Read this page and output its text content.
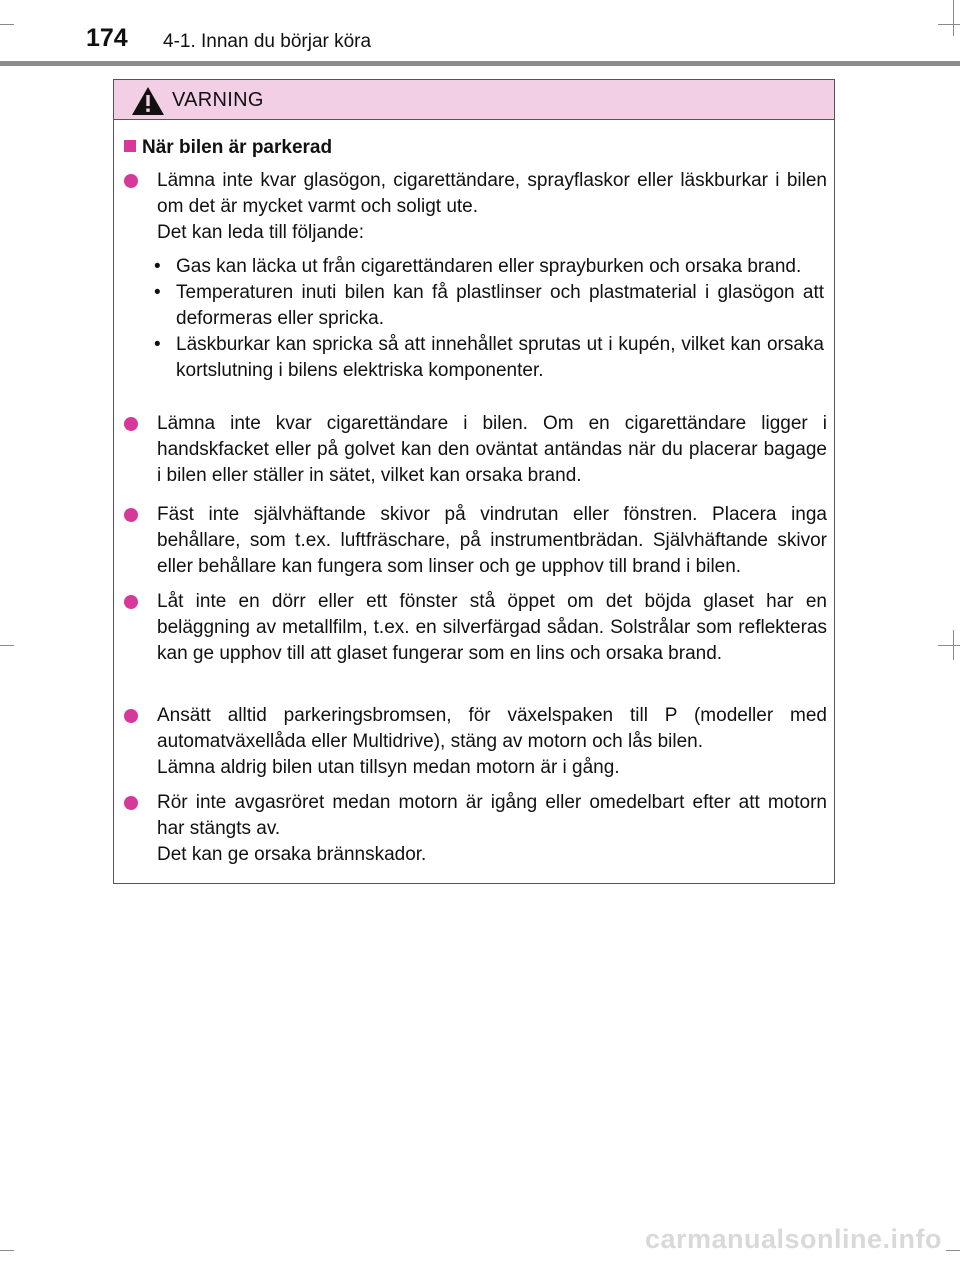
174 4-1. Innan du börjar köra
VARNING
När bilen är parkerad

Lämna inte kvar glasögon, cigarettändare, sprayflaskor eller läskburkar i bilen om det är mycket varmt och soligt ute.

Det kan leda till följande:

• Gas kan läcka ut från cigarettändaren eller sprayburken och orsaka brand.
• Temperaturen inuti bilen kan få plastlinser och plastmaterial i glasögon att deformeras eller spricka.
• Läskburkar kan spricka så att innehållet sprutas ut i kupén, vilket kan orsaka kortslutning i bilens elektriska komponenter.

Lämna inte kvar cigarettändare i bilen. Om en cigarettändare ligger i handskfacket eller på golvet kan den oväntat antändas när du placerar bagage i bilen eller ställer in sätet, vilket kan orsaka brand.

Fäst inte självhäftande skivor på vindrutan eller fönstren. Placera inga behållare, som t.ex. luftfräschare, på instrumentbrädan. Självhäftande skivor eller behållare kan fungera som linser och ge upphov till brand i bilen.

Låt inte en dörr eller ett fönster stå öppet om det böjda glaset har en beläggning av metallfilm, t.ex. en silverfärgad sådan. Solstrålar som reflekteras kan ge upphov till att glaset fungerar som en lins och orsaka brand.

Ansätt alltid parkeringsbromsen, för växelspaken till P (modeller med automatväxellåda eller Multidrive), stäng av motorn och lås bilen.

Lämna aldrig bilen utan tillsyn medan motorn är i gång.

Rör inte avgasröret medan motorn är igång eller omedelbart efter att motorn har stängts av.

Det kan ge orsaka brännskador.

carmanualsonline.info
